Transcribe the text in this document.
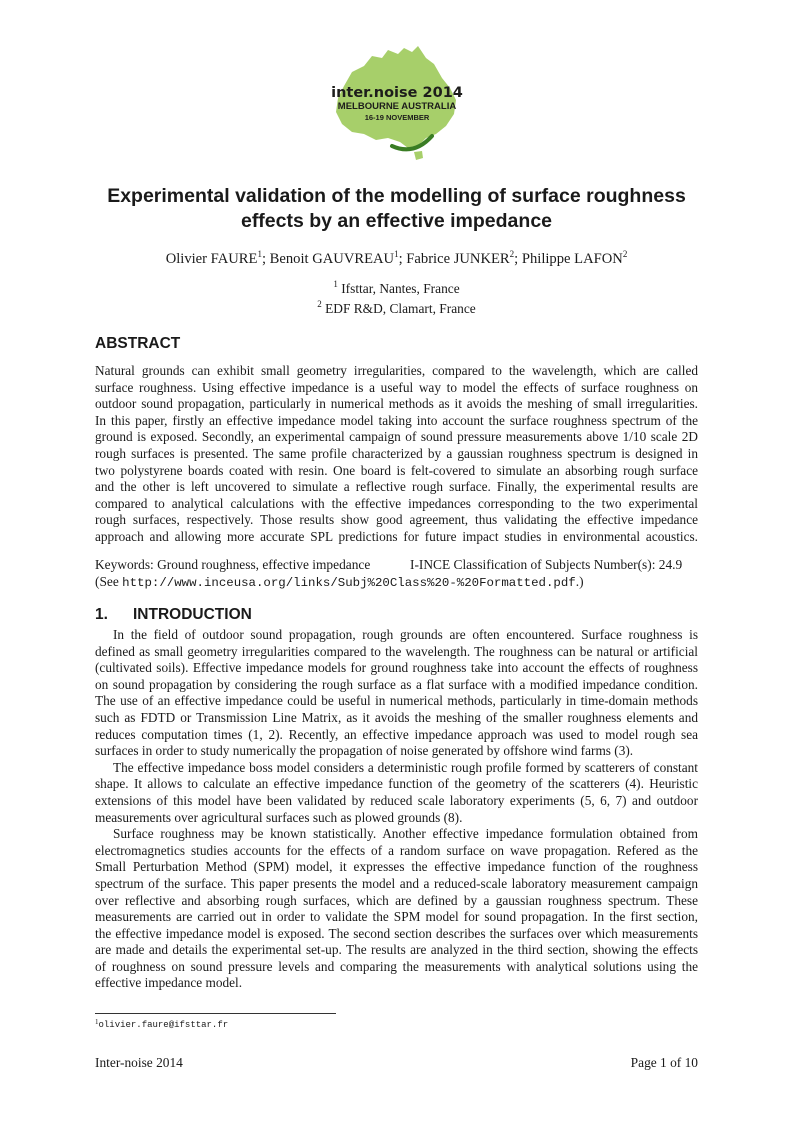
inter.noise 2014
MELBOURNE AUSTRALIA
16-19 NOVEMBER
Experimental validation of the modelling of surface roughness
effects by an effective impedance
Olivier FAURE$^1$; Benoit GAUVREAU$^1$; Fabrice JUNKER$^2$; Philippe LAFON$^2$
$^1$ Ifsttar, Nantes, France
$^2$ EDF R&D, Clamart, France
ABSTRACT
Natural grounds can exhibit small geometry irregularities, compared to the wavelength, which are called
surface roughness. Using effective impedance is a useful way to model the effects of surface roughness on
outdoor sound propagation, particularly in numerical methods as it avoids the meshing of small irregularities.
In this paper, firstly an effective impedance model taking into account the surface roughness spectrum of the
ground is exposed. Secondly, an experimental campaign of sound pressure measurements above 1/10 scale 2D
rough surfaces is presented. The same profile characterized by a gaussian roughness spectrum is designed in
two polystyrene boards coated with resin. One board is felt-covered to simulate an absorbing rough surface
and the other is left uncovered to simulate a reflective rough surface. Finally, the experimental results are
compared to analytical calculations with the effective impedances corresponding to the two experimental
rough surfaces, respectively. Those results show good agreement, thus validating the effective impedance
approach and allowing more accurate SPL predictions for future impact studies in environmental acoustics.
Keywords: Ground roughness, effective impedance	I-INCE Classification of Subjects Number(s): 24.9
(See http://www.inceusa.org/links/Subj%20Class%20-%20Formatted.pdf.)
1. INTRODUCTION
In the field of outdoor sound propagation, rough grounds are often encountered. Surface roughness is
defined as small geometry irregularities compared to the wavelength. The roughness can be natural or artificial
(cultivated soils). Effective impedance models for ground roughness take into account the effects of roughness
on sound propagation by considering the rough surface as a flat surface with a modified impedance condition.
The use of an effective impedance could be useful in numerical methods, particularly in time-domain methods
such as FDTD or Transmission Line Matrix, as it avoids the meshing of the smaller roughness elements and
reduces computation times (1, 2). Recently, an effective impedance approach was used to model rough sea
surfaces in order to study numerically the propagation of noise generated by offshore wind farms (3).
The effective impedance boss model considers a deterministic rough profile formed by scatterers of constant
shape. It allows to calculate an effective impedance function of the geometry of the scatterers (4). Heuristic
extensions of this model have been validated by reduced scale laboratory experiments (5, 6, 7) and outdoor
measurements over agricultural surfaces such as plowed grounds (8).
Surface roughness may be known statistically. Another effective impedance formulation obtained from
electromagnetics studies accounts for the effects of a random surface on wave propagation. Refered as the
Small Perturbation Method (SPM) model, it expresses the effective impedance function of the roughness
spectrum of the surface. This paper presents the model and a reduced-scale laboratory measurement campaign
over reflective and absorbing rough surfaces, which are defined by a gaussian roughness spectrum. These
measurements are carried out in order to validate the SPM model for sound propagation. In the first section,
the effective impedance model is exposed. The second section describes the surfaces over which measurements
are made and details the experimental set-up. The results are analyzed in the third section, showing the effects
of roughness on sound pressure levels and comparing the measurements with analytical solutions using the
effective impedance model.
$^1$olivier.faure@ifsttar.fr
Inter-noise 2014	Page 1 of 10
